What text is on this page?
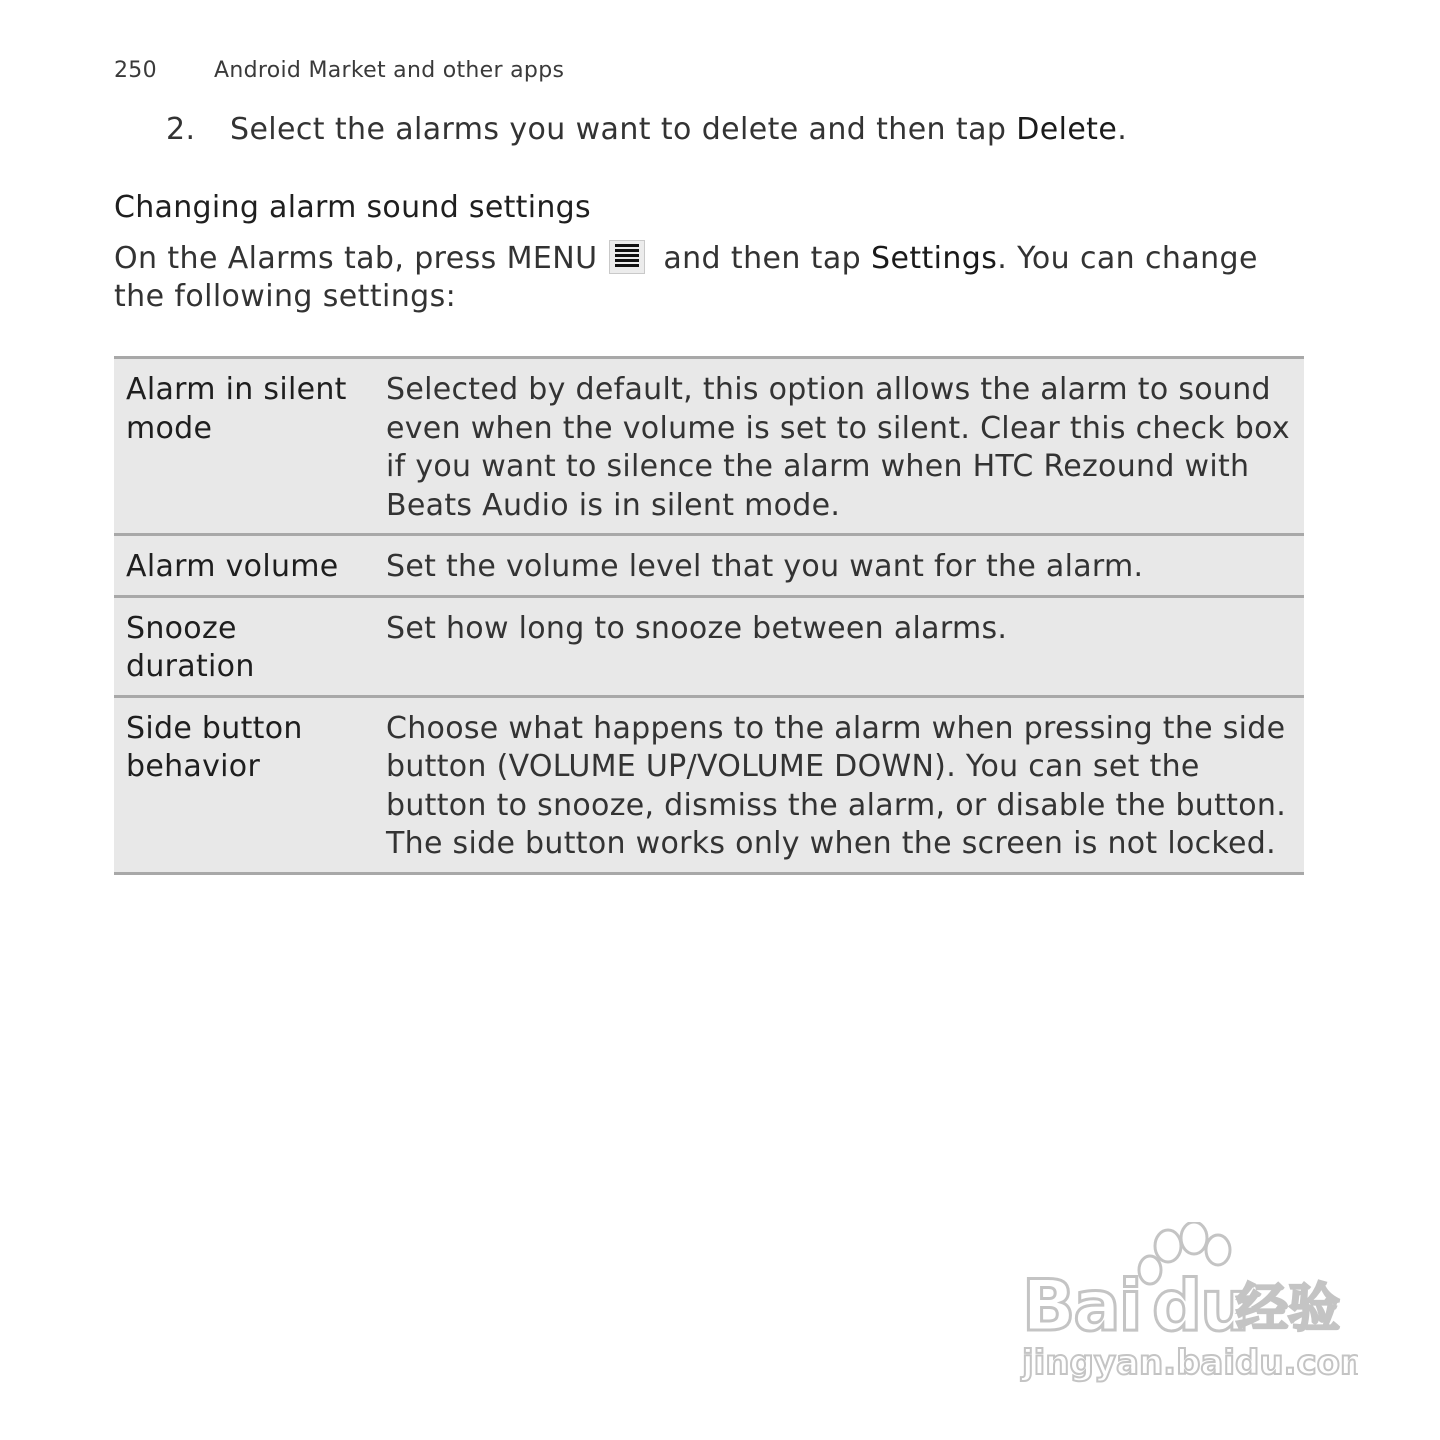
250	Android Market and other apps
2. Select the alarms you want to delete and then tap Delete.
Changing alarm sound settings
On the Alarms tab, press MENU  and then tap Settings. You can change the following settings:
Alarm in silent mode	Selected by default, this option allows the alarm to sound even when the volume is set to silent. Clear this check box if you want to silence the alarm when HTC Rezound with Beats Audio is in silent mode.
Alarm volume	Set the volume level that you want for the alarm.
Snooze duration	Set how long to snooze between alarms.
Side button behavior	Choose what happens to the alarm when pressing the side button (VOLUME UP/VOLUME DOWN). You can set the button to snooze, dismiss the alarm, or disable the button. The side button works only when the screen is not locked.
Bai du
经验
jingyan.baidu.com
